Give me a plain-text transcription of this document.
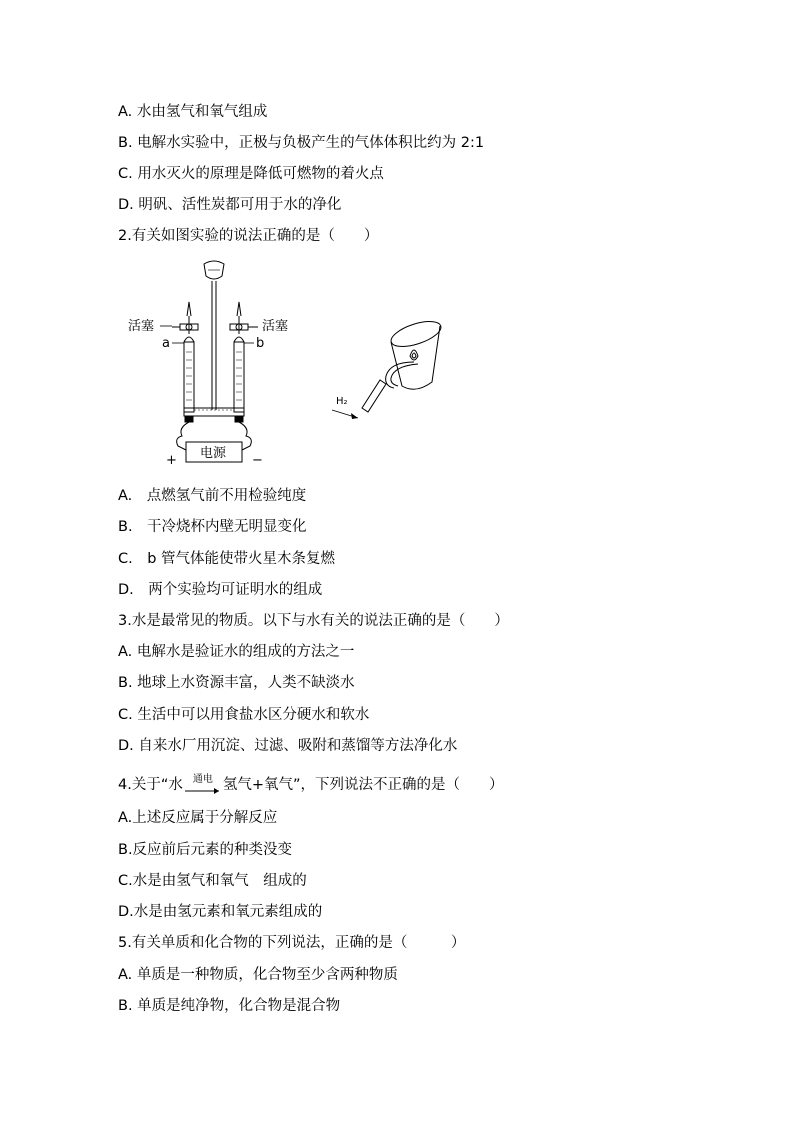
A. 水由氢气和氧气组成
B. 电解水实验中，正极与负极产生的气体体积比约为 2:1
C. 用水灭火的原理是降低可燃物的着火点
D. 明矾、活性炭都可用于水的净化
2.有关如图实验的说法正确的是（　　）
活塞	活塞
a	b
电源
+	−
H₂
A.　点燃氢气前不用检验纯度
B.　干冷烧杯内壁无明显变化
C.　b 管气体能使带火星木条复燃
D.　两个实验均可证明水的组成
3.水是最常见的物质。以下与水有关的说法正确的是（　　）
A. 电解水是验证水的组成的方法之一
B. 地球上水资源丰富，人类不缺淡水
C. 生活中可以用食盐水区分硬水和软水
D. 自来水厂用沉淀、过滤、吸附和蒸馏等方法净化水
4.关于“水	通电 氢气+氧气”，下列说法不正确的是（　　）
A.上述反应属于分解反应
B.反应前后元素的种类没变
C.水是由氢气和氧气　组成的
D.水是由氢元素和氧元素组成的
5.有关单质和化合物的下列说法，正确的是（　　　）
A. 单质是一种物质，化合物至少含两种物质
B. 单质是纯净物，化合物是混合物
